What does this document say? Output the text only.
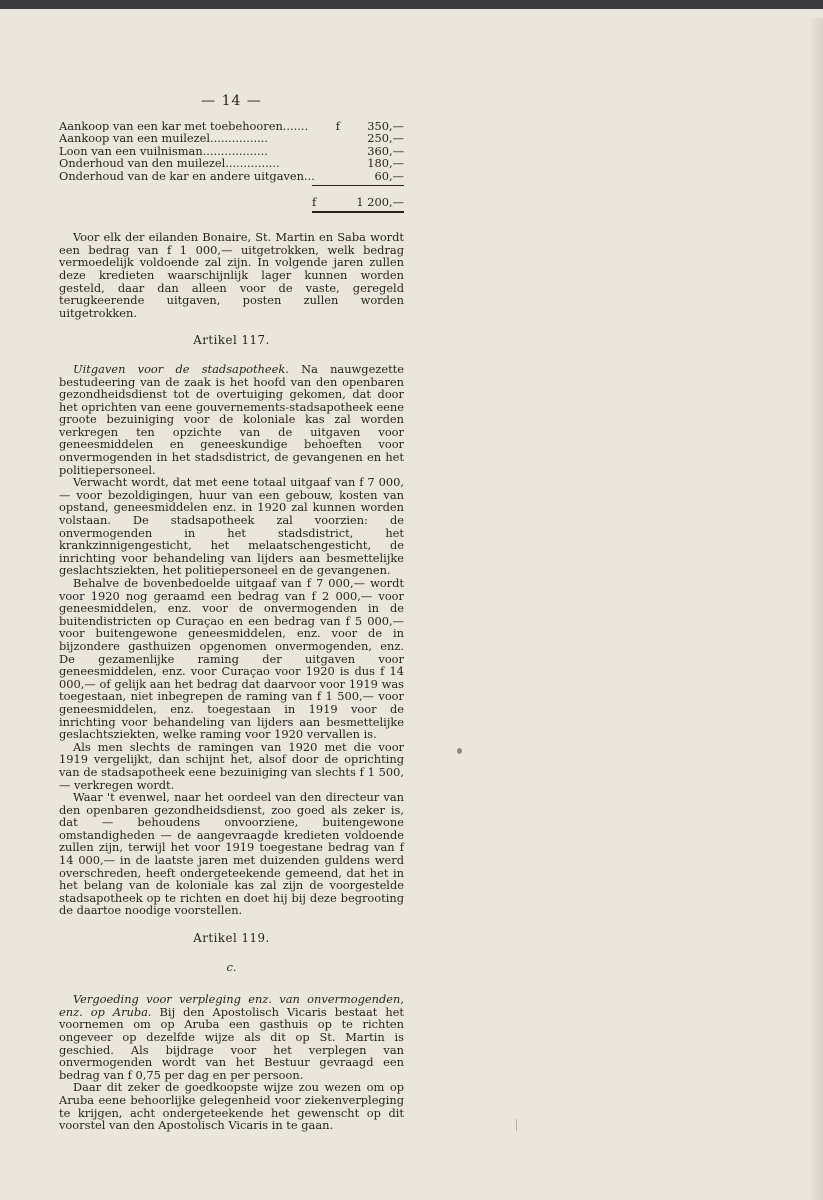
— 14 —
Aankoop van een kar met toebehooren.......	f	350,—
Aankoop van een muilezel................	250,—
Loon van een vuilnisman..................	360,—
Onderhoud van den muilezel...............	180,—
Onderhoud van de kar en andere uitgaven...	60,—
f	1 200,—

Voor elk der eilanden Bonaire, St. Martin en Saba wordt een bedrag van f 1 000,— uitgetrokken, welk bedrag vermoedelijk voldoende zal zijn. In volgende jaren zullen deze kredieten waarschijnlijk lager kunnen worden gesteld, daar dan alleen voor de vaste, geregeld terugkeerende uitgaven, posten zullen worden uitgetrokken.

Artikel 117.

Uitgaven voor de stadsapotheek. Na nauwgezette bestudeering van de zaak is het hoofd van den openbaren gezondheidsdienst tot de overtuiging gekomen, dat door het oprichten van eene gouvernements-stadsapotheek eene groote bezuiniging voor de koloniale kas zal worden verkregen ten opzichte van de uitgaven voor geneesmiddelen en geneeskundige behoeften voor onvermogenden in het stadsdistrict, de gevangenen en het politiepersoneel.

Verwacht wordt, dat met eene totaal uitgaaf van f 7 000,— voor bezoldigingen, huur van een gebouw, kosten van opstand, geneesmiddelen enz. in 1920 zal kunnen worden volstaan. De stadsapotheek zal voorzien: de onvermogenden in het stadsdistrict, het krankzinnigengesticht, het melaatschengesticht, de inrichting voor behandeling van lijders aan besmettelijke geslachtsziekten, het politiepersoneel en de gevangenen.

Behalve de bovenbedoelde uitgaaf van f 7 000,— wordt voor 1920 nog geraamd een bedrag van f 2 000,— voor geneesmiddelen, enz. voor de onvermogenden in de buitendistricten op Curaçao en een bedrag van f 5 000,— voor buitengewone geneesmiddelen, enz. voor de in bijzondere gasthuizen opgenomen onvermogenden, enz. De gezamenlijke raming der uitgaven voor geneesmiddelen, enz. voor Curaçao voor 1920 is dus f 14 000,— of gelijk aan het bedrag dat daarvoor voor 1919 was toegestaan, niet inbegrepen de raming van f 1 500,— voor geneesmiddelen, enz. toegestaan in 1919 voor de inrichting voor behandeling van lijders aan besmettelijke geslachtsziekten, welke raming voor 1920 vervallen is.

Als men slechts de ramingen van 1920 met die voor 1919 vergelijkt, dan schijnt het, alsof door de oprichting van de stadsapotheek eene bezuiniging van slechts f 1 500,— verkregen wordt.

Waar 't evenwel, naar het oordeel van den directeur van den openbaren gezondheidsdienst, zoo goed als zeker is, dat — behoudens onvoorziene, buitengewone omstandigheden — de aangevraagde kredieten voldoende zullen zijn, terwijl het voor 1919 toegestane bedrag van f 14 000,— in de laatste jaren met duizenden guldens werd overschreden, heeft ondergeteekende gemeend, dat het in het belang van de koloniale kas zal zijn de voorgestelde stadsapotheek op te richten en doet hij bij deze begrooting de daartoe noodige voorstellen.

Artikel 119.
c.

Vergoeding voor verpleging enz. van onvermogenden, enz. op Aruba. Bij den Apostolisch Vicaris bestaat het voornemen om op Aruba een gasthuis op te richten ongeveer op dezelfde wijze als dit op St. Martin is geschied. Als bijdrage voor het verplegen van onvermogenden wordt van het Bestuur gevraagd een bedrag van f 0,75 per dag en per persoon.

Daar dit zeker de goedkoopste wijze zou wezen om op Aruba eene behoorlijke gelegenheid voor ziekenverpleging te krijgen, acht ondergeteekende het gewenscht op dit voorstel van den Apostolisch Vicaris in te gaan.
